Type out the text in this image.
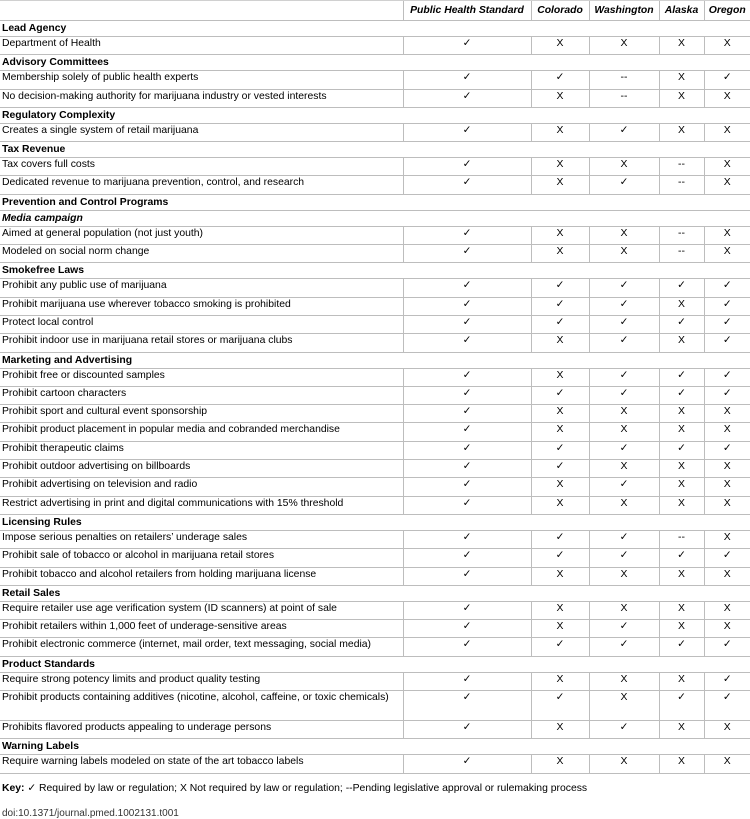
	Public Health Standard	Colorado	Washington	Alaska	Oregon
Lead Agency					
Department of Health	✓	X	X	X	X
Advisory Committees					
Membership solely of public health experts	✓	✓	--	X	✓
No decision-making authority for marijuana industry or vested interests	✓	X	--	X	X
Regulatory Complexity					
Creates a single system of retail marijuana	✓	X	✓	X	X
Tax Revenue					
Tax covers full costs	✓	X	X	--	X
Dedicated revenue to marijuana prevention, control, and research	✓	X	✓	--	X
Prevention and Control Programs					
Media campaign					
Aimed at general population (not just youth)	✓	X	X	--	X
Modeled on social norm change	✓	X	X	--	X
Smokefree Laws					
Prohibit any public use of marijuana	✓	✓	✓	✓	✓
Prohibit marijuana use wherever tobacco smoking is prohibited	✓	✓	✓	X	✓
Protect local control	✓	✓	✓	✓	✓
Prohibit indoor use in marijuana retail stores or marijuana clubs	✓	X	✓	X	✓
Marketing and Advertising					
Prohibit free or discounted samples	✓	X	✓	✓	✓
Prohibit cartoon characters	✓	✓	✓	✓	✓
Prohibit sport and cultural event sponsorship	✓	X	X	X	X
Prohibit product placement in popular media and cobranded merchandise	✓	X	X	X	X
Prohibit therapeutic claims	✓	✓	✓	✓	✓
Prohibit outdoor advertising on billboards	✓	✓	X	X	X
Prohibit advertising on television and radio	✓	X	✓	X	X
Restrict advertising in print and digital communications with 15% threshold	✓	X	X	X	X
Licensing Rules					
Impose serious penalties on retailers’ underage sales	✓	✓	✓	--	X
Prohibit sale of tobacco or alcohol in marijuana retail stores	✓	✓	✓	✓	✓
Prohibit tobacco and alcohol retailers from holding marijuana license	✓	X	X	X	X
Retail Sales					
Require retailer use age verification system (ID scanners) at point of sale	✓	X	X	X	X
Prohibit retailers within 1,000 feet of underage-sensitive areas	✓	X	✓	X	X
Prohibit electronic commerce (internet, mail order, text messaging, social media)	✓	✓	✓	✓	✓
Product Standards					
Require strong potency limits and product quality testing	✓	X	X	X	✓
Prohibit products containing additives (nicotine, alcohol, caffeine, or toxic chemicals)	✓	✓	X	✓	✓
Prohibits flavored products appealing to underage persons	✓	X	✓	X	X
Warning Labels					
Require warning labels modeled on state of the art tobacco labels	✓	X	X	X	X
Key: ✓ Required by law or regulation; X Not required by law or regulation; --Pending legislative approval or rulemaking process
doi:10.1371/journal.pmed.1002131.t001
